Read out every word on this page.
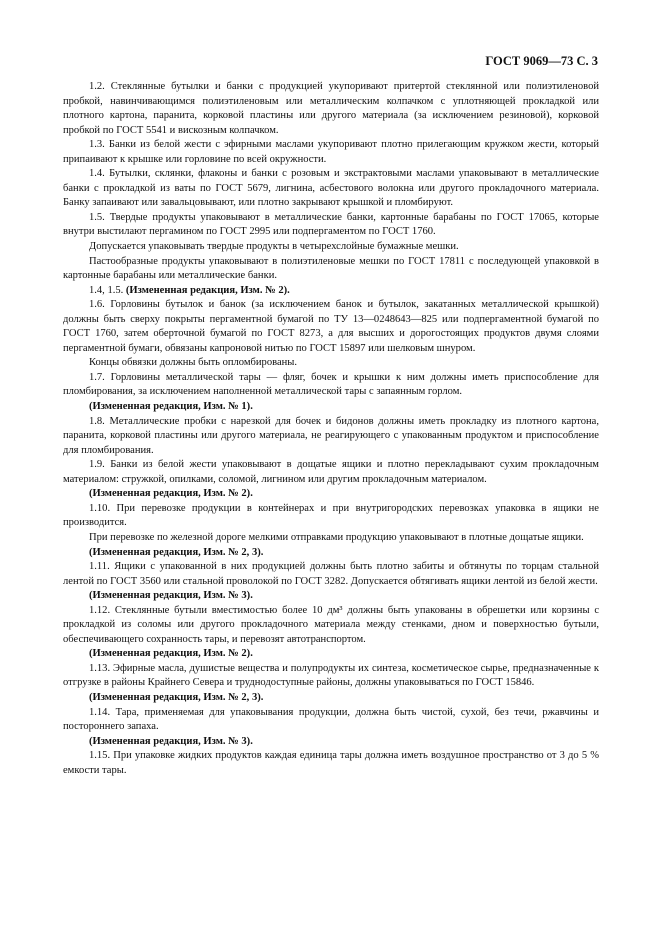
ГОСТ 9069—73 С. 3

1.2. Стеклянные бутылки и банки с продукцией укупоривают притертой стеклянной или полиэтиленовой пробкой, навинчивающимся полиэтиленовым или металлическим колпачком с уплотняющей прокладкой или плотного картона, паранита, корковой пластины или другого материала (за исключением резиновой), корковой пробкой по ГОСТ 5541 и вискозным колпачком.

1.3. Банки из белой жести с эфирными маслами укупоривают плотно прилегающим кружком жести, который припаивают к крышке или горловине по всей окружности.

1.4. Бутылки, склянки, флаконы и банки с розовым и экстрактовыми маслами упаковывают в металлические банки с прокладкой из ваты по ГОСТ 5679, лигнина, асбестового волокна или другого прокладочного материала. Банку запаивают или завальцовывают, или плотно закрывают крышкой и пломбируют.

1.5. Твердые продукты упаковывают в металлические банки, картонные барабаны по ГОСТ 17065, которые внутри выстилают пергамином по ГОСТ 2995 или подпергаментом по ГОСТ 1760.

Допускается упаковывать твердые продукты в четырехслойные бумажные мешки.

Пастообразные продукты упаковывают в полиэтиленовые мешки по ГОСТ 17811 с последующей упаковкой в картонные барабаны или металлические банки.

1.4, 1.5. (Измененная редакция, Изм. № 2).

1.6. Горловины бутылок и банок (за исключением банок и бутылок, закатанных металлической крышкой) должны быть сверху покрыты пергаментной бумагой по ТУ 13—0248643—825 или подпергаментной бумагой по ГОСТ 1760, затем оберточной бумагой по ГОСТ 8273, а для высших и дорогостоящих продуктов двумя слоями пергаментной бумаги, обвязаны капроновой нитью по ГОСТ 15897 или шелковым шнуром.

Концы обвязки должны быть опломбированы.

1.7. Горловины металлической тары — фляг, бочек и крышки к ним должны иметь приспособление для пломбирования, за исключением наполненной металлической тары с запаянным горлом.

(Измененная редакция, Изм. № 1).

1.8. Металлические пробки с нарезкой для бочек и бидонов должны иметь прокладку из плотного картона, паранита, корковой пластины или другого материала, не реагирующего с упакованным продуктом и приспособление для пломбирования.

1.9. Банки из белой жести упаковывают в дощатые ящики и плотно перекладывают сухим прокладочным материалом: стружкой, опилками, соломой, лигнином или другим прокладочным материалом.

(Измененная редакция, Изм. № 2).

1.10. При перевозке продукции в контейнерах и при внутригородских перевозках упаковка в ящики не производится.

При перевозке по железной дороге мелкими отправками продукцию упаковывают в плотные дощатые ящики.

(Измененная редакция, Изм. № 2, 3).

1.11. Ящики с упакованной в них продукцией должны быть плотно забиты и обтянуты по торцам стальной лентой по ГОСТ 3560 или стальной проволокой по ГОСТ 3282. Допускается обтягивать ящики лентой из белой жести.

(Измененная редакция, Изм. № 3).

1.12. Стеклянные бутыли вместимостью более 10 дм³ должны быть упакованы в обрешетки или корзины с прокладкой из соломы или другого прокладочного материала между стенками, дном и поверхностью бутыли, обеспечивающего сохранность тары, и перевозят автотранспортом.

(Измененная редакция, Изм. № 2).

1.13. Эфирные масла, душистые вещества и полупродукты их синтеза, косметическое сырье, предназначенные к отгрузке в районы Крайнего Севера и труднодоступные районы, должны упаковываться по ГОСТ 15846.

(Измененная редакция, Изм. № 2, 3).

1.14. Тара, применяемая для упаковывания продукции, должна быть чистой, сухой, без течи, ржавчины и постороннего запаха.

(Измененная редакция, Изм. № 3).

1.15. При упаковке жидких продуктов каждая единица тары должна иметь воздушное пространство от 3 до 5 % емкости тары.
